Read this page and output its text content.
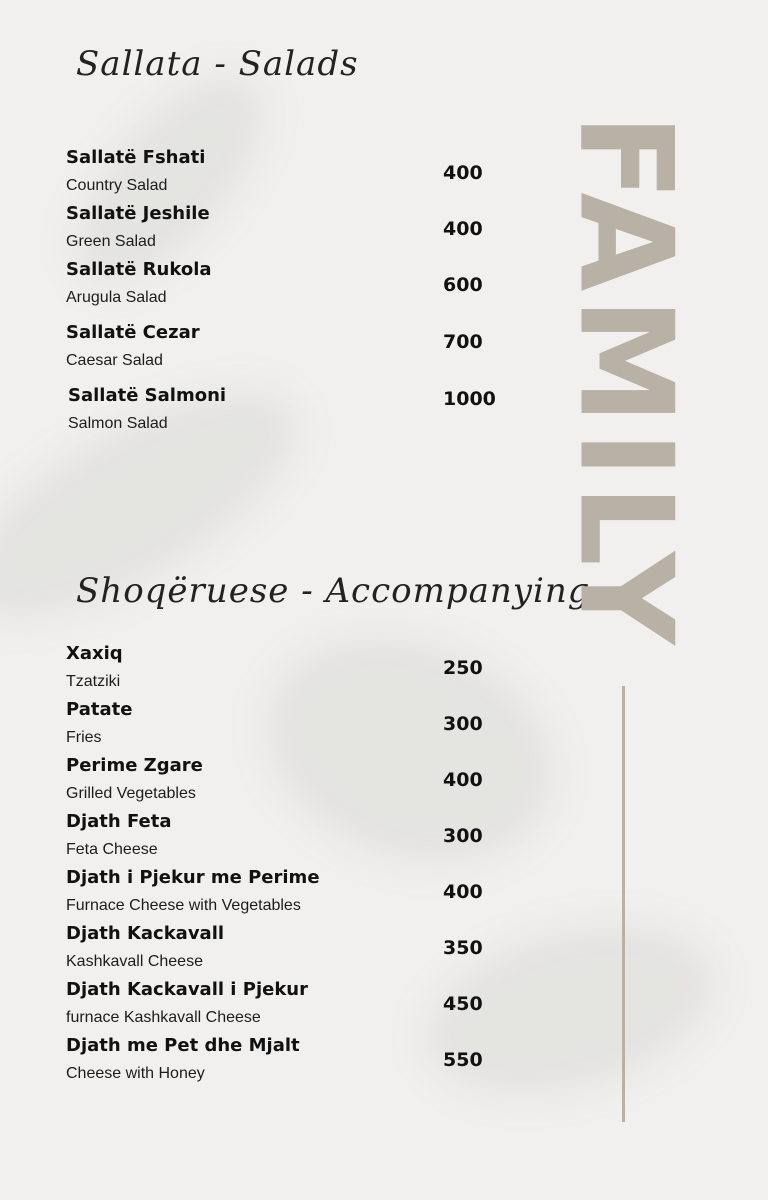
Sallata - Salads
Sallatë Fshati
Country Salad
400
Sallatë Jeshile
Green Salad
400
Sallatë Rukola
Arugula Salad
600
Sallatë Cezar
Caesar Salad
700
Sallatë Salmoni
Salmon Salad
1000
Shoqëruese - Accompanying
Xaxiq
Tzatziki
250
Patate
Fries
300
Perime Zgare
Grilled Vegetables
400
Djath Feta
Feta Cheese
300
Djath i Pjekur me Perime
Furnace Cheese with Vegetables
400
Djath Kackavall
Kashkavall Cheese
350
Djath Kackavall i Pjekur
furnace Kashkavall Cheese
450
Djath me Pet dhe Mjalt
Cheese with Honey
550
FAMILY
